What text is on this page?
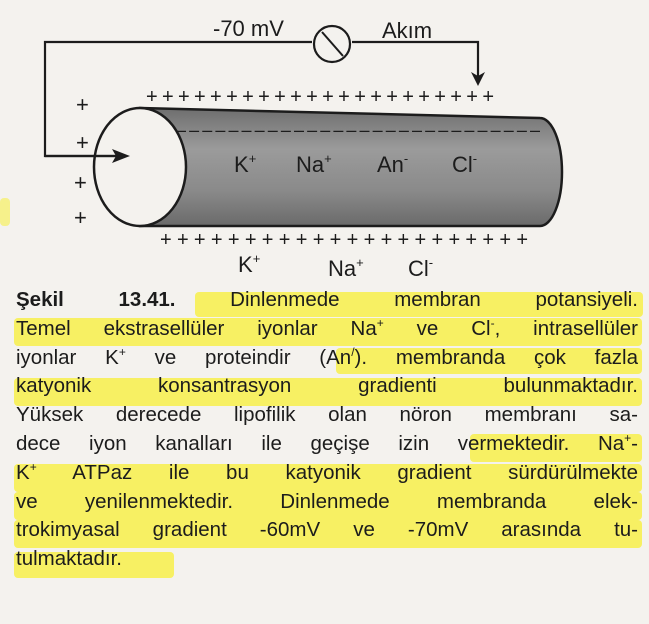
-70 mV	Akım
+ + + + + + + + + + + + + + + + + + + + + +
– – – – – – – – – – – – – – – – – – – – – – – – – – – –
+ + + + + + + + + + + + + + + + + + + + + +
+
+
+
+
K+ Na+ An- Cl-
K+	Na+ Cl-
Şekil 13.41.	Dinlenmede membran potansiyeli.
Temel ekstrasellüler iyonlar Na+ ve Cl-, intrasellüler
iyonlar K+ ve proteindir (An/). membranda çok fazla
katyonik konsantrasyon gradienti bulunmaktadır.
Yüksek derecede lipofilik olan nöron membranı sa-
dece iyon kanalları ile geçişe izin vermektedir. Na+-
K+ ATPaz ile bu katyonik gradient sürdürülmekte
ve yenilenmektedir. Dinlenmede membranda elek-
trokimyasal gradient -60mV ve -70mV arasında tu-
tulmaktadır.
